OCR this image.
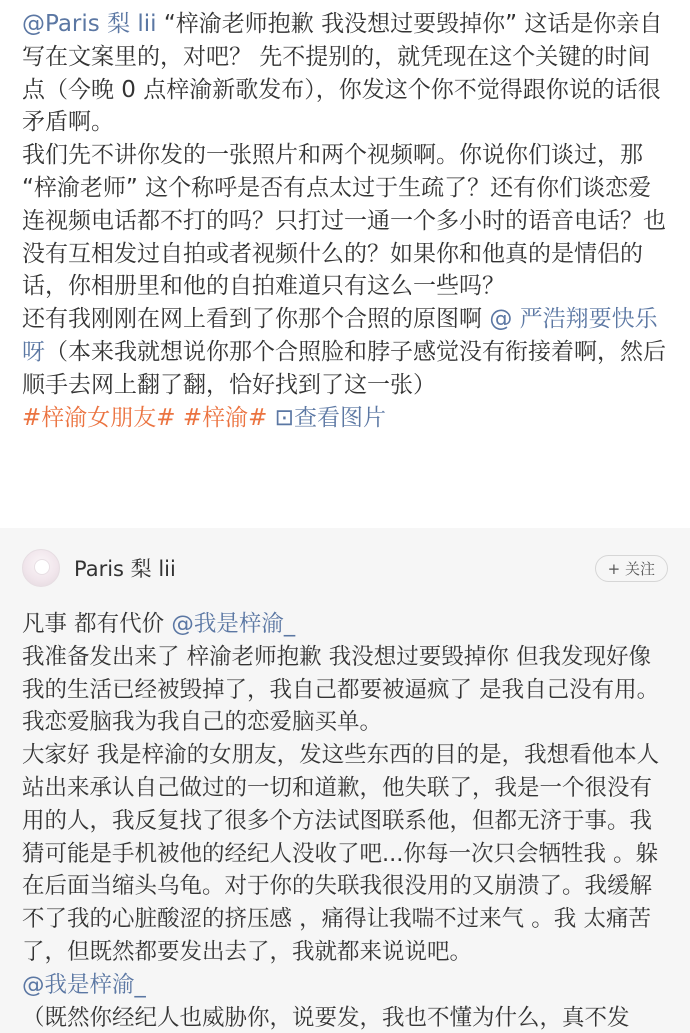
@Paris 梨 lii “梓渝老师抱歉 我没想过要毁掉你” 这话是你亲自写在文案里的，对吧？ 先不提别的，就凭现在这个关键的时间点（今晚 0 点梓渝新歌发布），你发这个你不觉得跟你说的话很矛盾啊。

我们先不讲你发的一张照片和两个视频啊。你说你们谈过，那 “梓渝老师” 这个称呼是否有点太过于生疏了？还有你们谈恋爱连视频电话都不打的吗？只打过一通一个多小时的语音电话？也没有互相发过自拍或者视频什么的？如果你和他真的是情侣的话，你相册里和他的自拍难道只有这么一些吗？

还有我刚刚在网上看到了你那个合照的原图啊 @ 严浩翔要快乐呀（本来我就想说你那个合照脸和脖子感觉没有衔接着啊，然后顺手去网上翻了翻，恰好找到了这一张）

#梓渝女朋友# #梓渝# ⊡查看图片

Paris 梨 lii	+ 关注

凡事 都有代价 @我是梓渝_

我准备发出来了 梓渝老师抱歉 我没想过要毁掉你 但我发现好像我的生活已经被毁掉了，我自己都要被逼疯了 是我自己没有用。 我恋爱脑我为我自己的恋爱脑买单。

大家好 我是梓渝的女朋友，发这些东西的目的是，我想看他本人站出来承认自己做过的一切和道歉，他失联了，我是一个很没有用的人，我反复找了很多个方法试图联系他，但都无济于事。我猜可能是手机被他的经纪人没收了吧...你每一次只会牺牲我 。躲在后面当缩头乌龟。对于你的失联我很没用的又崩溃了。我缓解不了我的心脏酸涩的挤压感 ，痛得让我喘不过来气 。我 太痛苦了，但既然都要发出去了，我就都来说说吧。

@我是梓渝_

（既然你经纪人也威胁你，说要发，我也不懂为什么，真不发
